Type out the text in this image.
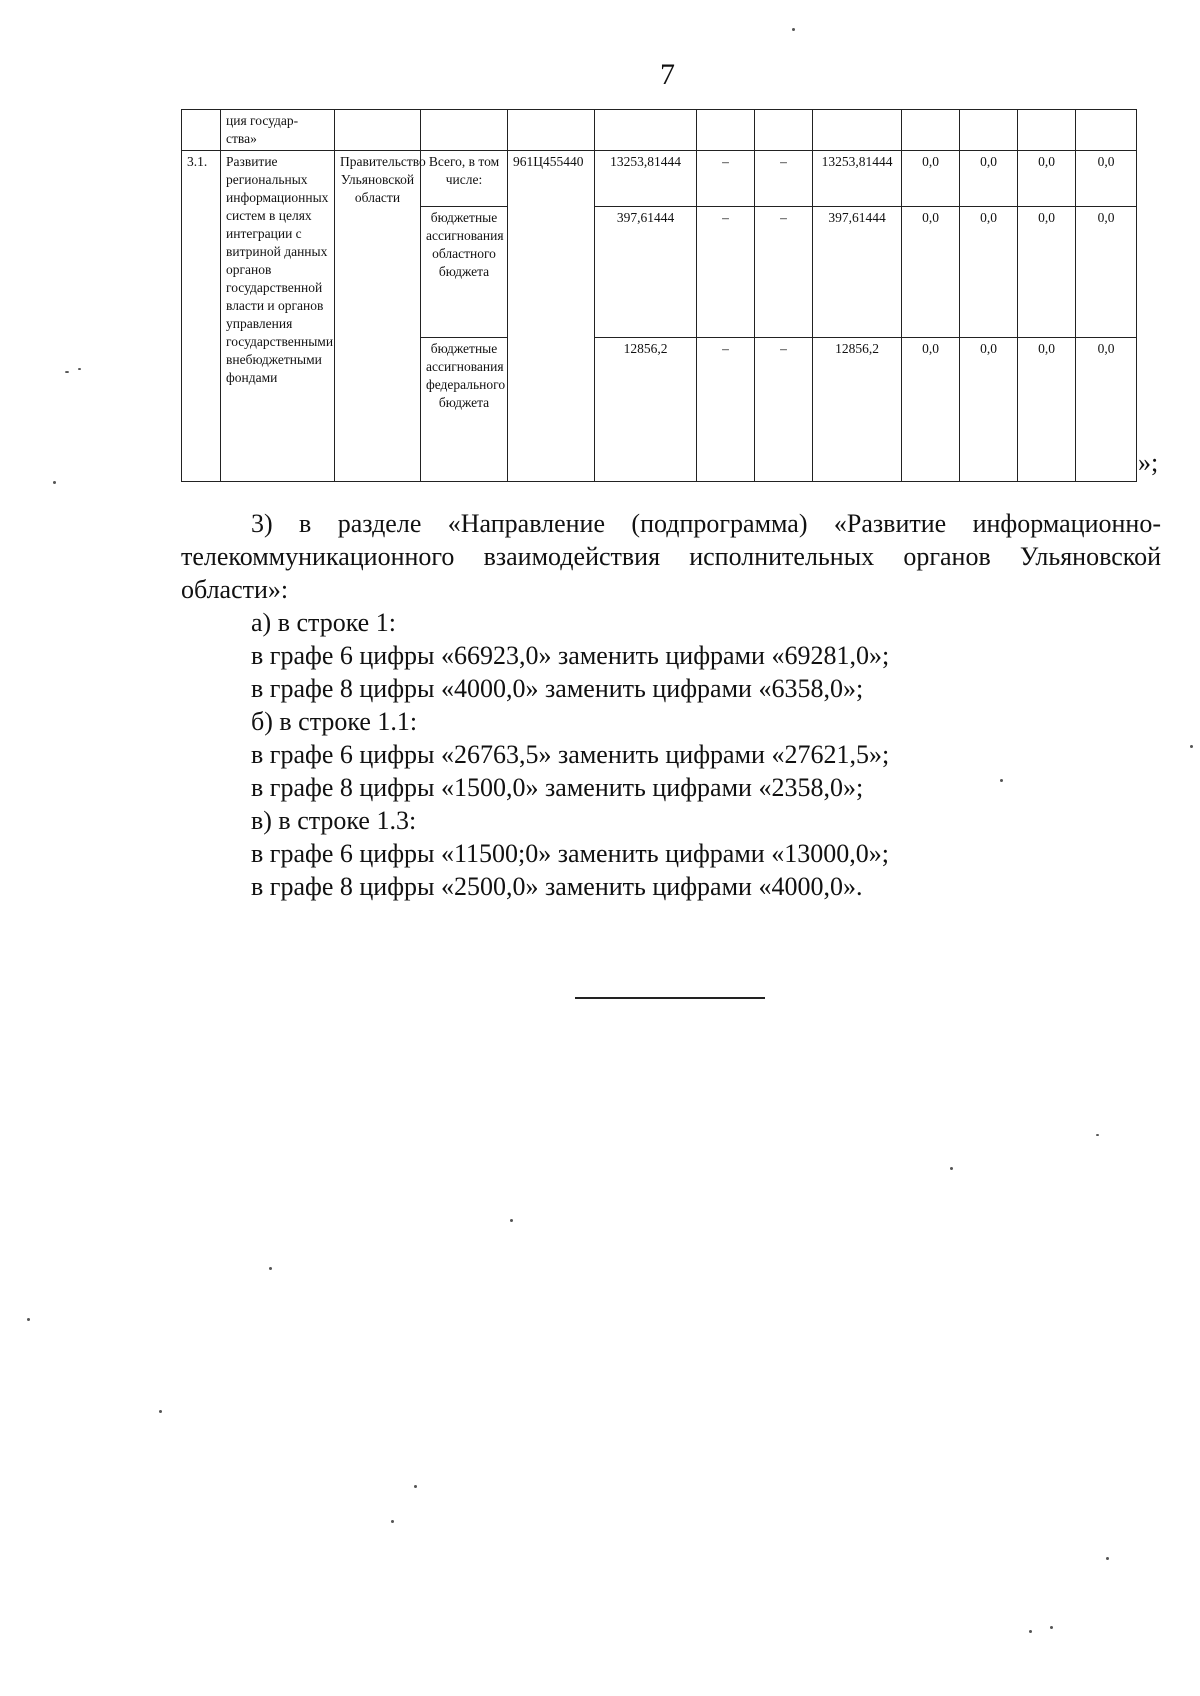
7
	ция государ- ства»											
3.1.	Развитие региональных информационных систем в целях интеграции с витриной данных органов государственной власти и органов управления государственными внебюджетными фондами	Правительство Ульяновской области	Всего, в том числе:	961Ц455440	13253,81444	–	–	13253,81444	0,0	0,0	0,0	0,0
			бюджетные ассигнования областного бюджета		397,61444	–	–	397,61444	0,0	0,0	0,0	0,0
			бюджетные ассигнования федерального бюджета		12856,2	–	–	12856,2	0,0	0,0	0,0	0,0
»;
3) в разделе «Направление (подпрограмма) «Развитие информационно-телекоммуникационного взаимодействия исполнительных органов Ульяновской области»:
а) в строке 1:
в графе 6 цифры «66923,0» заменить цифрами «69281,0»;
в графе 8 цифры «4000,0» заменить цифрами «6358,0»;
б) в строке 1.1:
в графе 6 цифры «26763,5» заменить цифрами «27621,5»;
в графе 8 цифры «1500,0» заменить цифрами «2358,0»;
в) в строке 1.3:
в графе 6 цифры «11500;0» заменить цифрами «13000,0»;
в графе 8 цифры «2500,0» заменить цифрами «4000,0».
